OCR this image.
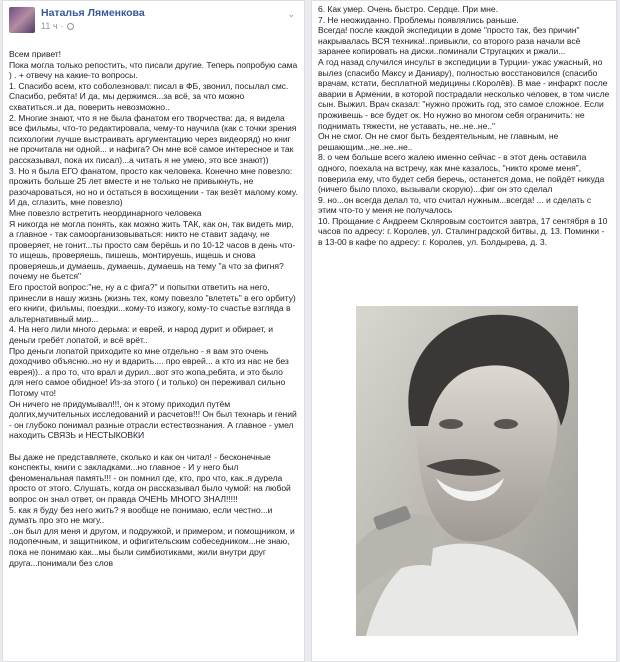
Наталья Ляменкова
11 ч ·
⌄

Всем привет!
Пока могла только репостить, что писали другие. Теперь попробую сама ) . + отвечу на какие-то вопросы.
1. Спасибо всем, кто соболезновал: писал в ФБ, звонил, посылал смс. Спасибо, ребята! И да, мы держимся...за всё, за что можно схватиться..и да, поверить невозможно..
2. Многие знают, что я не была фанатом его творчества: да, я видела все фильмы, что-то редактировала, чему-то научила (как с точки зрения психологии лучше выстраивать аргументацию через видеоряд) но книг не прочитала ни одной... и нафига? Он мне всё самое интересное и так рассказывал, пока их писал)...а читать я не умею, это все знают))
3. Но я была ЕГО фанатом, просто как человека. Конечно мне повезло: прожить больше 25 лет вместе и не только не привыкнуть, не разочароваться, но но и остаться в восхищении - так везёт малому кому. И да, сглазить, мне повезло)
Мне повезло встретить неординарного человека
Я никогда не могла понять, как можно жить ТАК, как он, так видеть мир, а главное - так самоорганизовываться: никто не ставит задачу, не проверяет, не гонит...ты просто сам берёшь и по 10-12 часов в день что-то ищешь, проверяешь, пишешь, монтируешь, ищешь и снова проверяешь,и думаешь, думаешь, думаешь на тему "а что за фигня? почему не бьется"
Его простой вопрос:"не, ну а с фига?" и попытки ответить на него, принесли в нашу жизнь (жизнь тех, кому повезло "влететь" в его орбиту) его книги, фильмы, поездки...кому-то изжогу, кому-то счастье взгляда в альтернативный мир...
4. На него лили много дерьма: и еврей, и народ дурит и обирает, и деньги гребёт лопатой, и всё врёт..
Про деньги лопатой приходите ко мне отдельно - я вам это очень доходчиво объясню..но ну и вдарить.... про еврей... а кто из нас не без еврея)).. а про то, что врал и дурил...вот это жопа,ребята, и это было для него самое обидное! Из-за этого ( и только) он переживал сильно
Потому что!
Он ничего не придумывал!!!, он к этому приходил путём долгих,мучительных исследований и расчетов!!! Он был технарь и гений - он глубоко понимал разные отрасли естествознания. А главное - умел находить СВЯЗЬ и НЕСТЫКОВКИ

Вы даже не представляете, сколько и как он читал! - бесконечные конспекты, книги с закладками...но главное - И у него был феноменальная память!!! - он помнил где, кто, про что, как..я дурела просто от этого. Слушать, когда он рассказывал было чумой: на любой вопрос он знал ответ, он правда ОЧЕНЬ МНОГО ЗНАЛ!!!!!
5. как я буду без него жить? я вообще не понимаю, если честно...и думать про это не могу..
..он был для меня и другом, и подружкой, и примером, и помощником, и подопечным, и защитником, и офигительским собеседником...не знаю, пока не понимаю как...мы были симбиотиками, жили внутри друг друга...понимали без слов

6. Как умер. Очень быстро. Сердце. При мне.
7. Не неожиданно. Проблемы появлялись раньше.
Всегда! после каждой экспедиции в доме "просто так, без причин" накрывалась ВСЯ техника!..привыкли, со второго раза начали всё заранее копировать на диски..поминали Стругацких и ржали...
А год назад случился инсульт в экспедиции в Турции- ужас ужасный, но вылез (спасибо Максу и Даниару), полностью восстановился (спасибо врачам, кстати, бесплатной медицины г.Королёв). В мае - инфаркт после аварии в Армении, в которой пострадали несколько человек, в том числе сын. Выжил. Врач сказал: "нужно прожить год, это самое сложное. Если проживешь - все будет ок. Но нужно во многом себя ограничить: не поднимать тяжести, не уставать, не..не..не.."
Он не смог. Он не смог быть бездеятельным, не главным, не решающим...не..не..не..
8. о чем больше всего жалею именно сейчас - в этот день оставила одного, поехала на встречу, как мне казалось, "никто кроме меня", поверила ему, что будет себя беречь, останется дома, не пойдёт никуда (ничего было плохо, вызывали скорую)...фиг он это сделал
9. но...он всегда делал то, что считал нужным...всегда! ... и сделать с этим что-то у меня не получалось
10. Прощание с Андреем Скляровым состоится завтра, 17 сентября в 10 часов по адресу: г. Королев, ул. Сталинградской битвы, д. 13. Поминки - в 13-00 в кафе по адресу: г. Королев, ул. Болдырева, д. 3.
